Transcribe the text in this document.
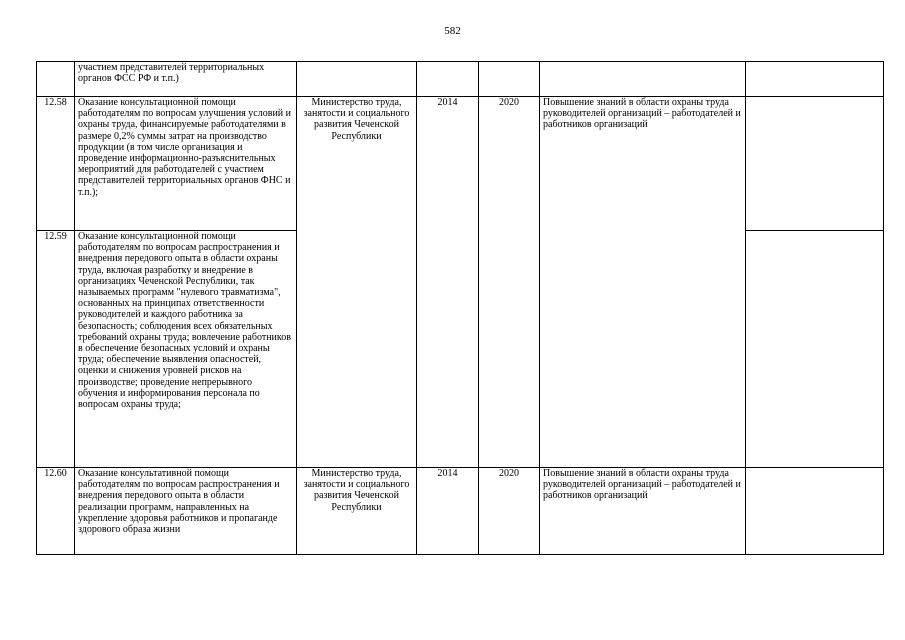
582
	участием представителей территориальных органов ФСС РФ и т.п.)					
12.58	Оказание консультационной помощи работодателям по вопросам улучшения условий и охраны труда, финансируемые работодателями в размере 0,2% суммы затрат на производство продукции (в том числе организация и проведение информационно-разъяснительных мероприятий для работодателей с участием представителей территориальных органов ФНС и т.п.);	Министерство труда, занятости и социального развития Чеченской Республики	2014	2020	Повышение знаний в области охраны труда руководителей организаций – работодателей и работников организаций	
12.59	Оказание консультационной помощи работодателям по вопросам распространения и внедрения передового опыта в области охраны труда, включая разработку и внедрение в организациях Чеченской Республики, так называемых программ "нулевого травматизма", основанных на принципах ответственности руководителей и каждого работника за безопасность; соблюдения всех обязательных требований охраны труда; вовлечение работников в обеспечение безопасных условий и охраны труда; обеспечение выявления опасностей, оценки и снижения уровней рисков на производстве; проведение непрерывного обучения и информирования персонала по вопросам охраны труда;					
12.60	Оказание консультативной помощи работодателям по вопросам распространения и внедрения передового опыта в области реализации программ, направленных на укрепление здоровья работников и пропаганде здорового образа жизни	Министерство труда, занятости и социального развития Чеченской Республики	2014	2020	Повышение знаний в области охраны труда руководителей организаций – работодателей и работников организаций	
